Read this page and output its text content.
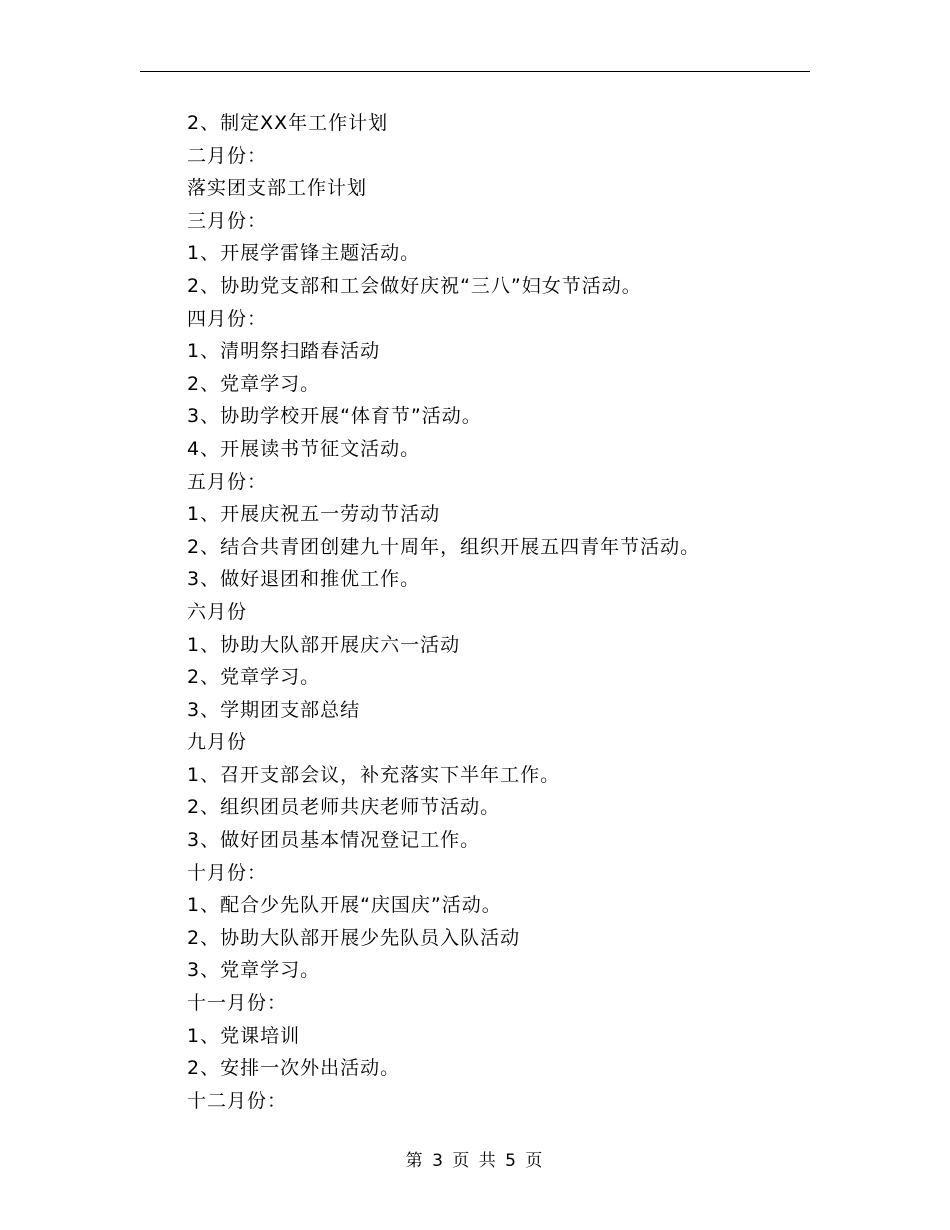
2、制定XX年工作计划
二月份：
落实团支部工作计划
三月份：
1、开展学雷锋主题活动。
2、协助党支部和工会做好庆祝“三八”妇女节活动。
四月份：
1、清明祭扫踏春活动
2、党章学习。
3、协助学校开展“体育节”活动。
4、开展读书节征文活动。
五月份：
1、开展庆祝五一劳动节活动
2、结合共青团创建九十周年，组织开展五四青年节活动。
3、做好退团和推优工作。
六月份
1、协助大队部开展庆六一活动
2、党章学习。
3、学期团支部总结
九月份
1、召开支部会议，补充落实下半年工作。
2、组织团员老师共庆老师节活动。
3、做好团员基本情况登记工作。
十月份：
1、配合少先队开展“庆国庆”活动。
2、协助大队部开展少先队员入队活动
3、党章学习。
十一月份：
1、党课培训
2、安排一次外出活动。
十二月份：
第 3 页 共 5 页
